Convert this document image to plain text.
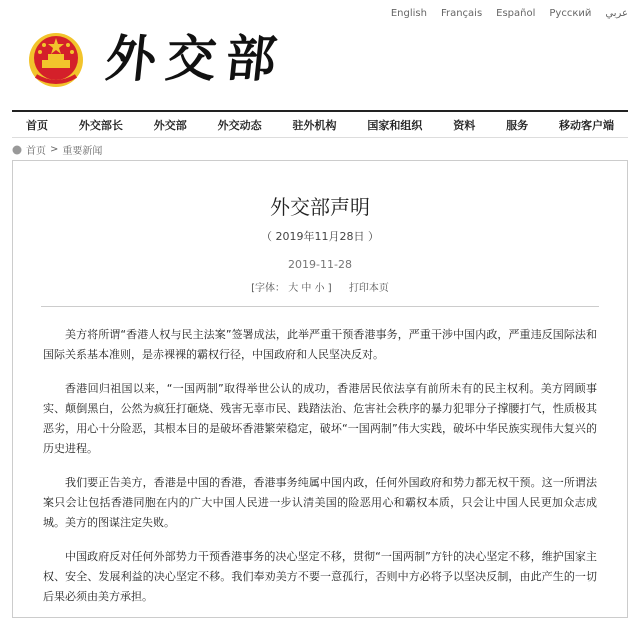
English Français Español Русский عربي
外交部
首页	外交部长	外交部	外交动态	驻外机构	国家和组织	资料	服务	移动客户端
首页 > 重要新闻
外交部声明
（ 2019年11月28日 ）
2019-11-28
[字体： 大 中 小 ] 打印本页

美方将所谓“香港人权与民主法案”签署成法，此举严重干预香港事务，严重干涉中国内政，严重违反国际法和国际关系基本准则，是赤裸裸的霸权行径，中国政府和人民坚决反对。

香港回归祖国以来，“一国两制”取得举世公认的成功，香港居民依法享有前所未有的民主权利。美方罔顾事实、颠倒黑白，公然为疯狂打砸烧、残害无辜市民、践踏法治、危害社会秩序的暴力犯罪分子撑腰打气，性质极其恶劣，用心十分险恶，其根本目的是破坏香港繁荣稳定，破坏“一国两制”伟大实践，破坏中华民族实现伟大复兴的历史进程。

我们要正告美方，香港是中国的香港，香港事务纯属中国内政，任何外国政府和势力都无权干预。这一所谓法案只会让包括香港同胞在内的广大中国人民进一步认清美国的险恶用心和霸权本质，只会让中国人民更加众志成城。美方的图谋注定失败。

中国政府反对任何外部势力干预香港事务的决心坚定不移，贯彻“一国两制”方针的决心坚定不移，维护国家主权、安全、发展利益的决心坚定不移。我们奉劝美方不要一意孤行，否则中方必将予以坚决反制，由此产生的一切后果必须由美方承担。
